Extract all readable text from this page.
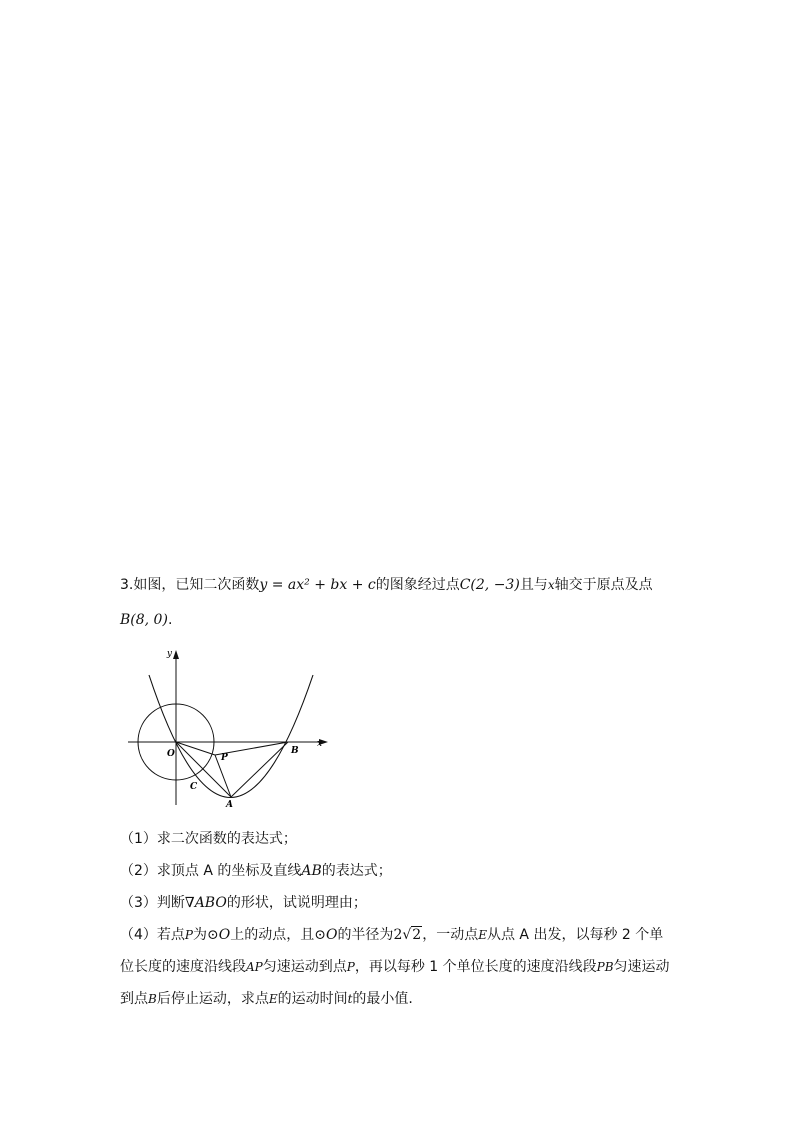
3.如图，已知二次函数y = ax² + bx + c的图象经过点C(2, −3)且与x轴交于原点及点
B(8, 0).
y
x
O	P
B
C
A
（1）求二次函数的表达式；
（2）求顶点 A 的坐标及直线AB的表达式；
（3）判断∇ABO的形状，试说明理由；
（4）若点P为⊙O上的动点，且⊙O的半径为2√2，一动点E从点 A 出发，以每秒 2 个单
位长度的速度沿线段AP匀速运动到点P，再以每秒 1 个单位长度的速度沿线段PB匀速运动
到点B后停止运动，求点E的运动时间t的最小值.
